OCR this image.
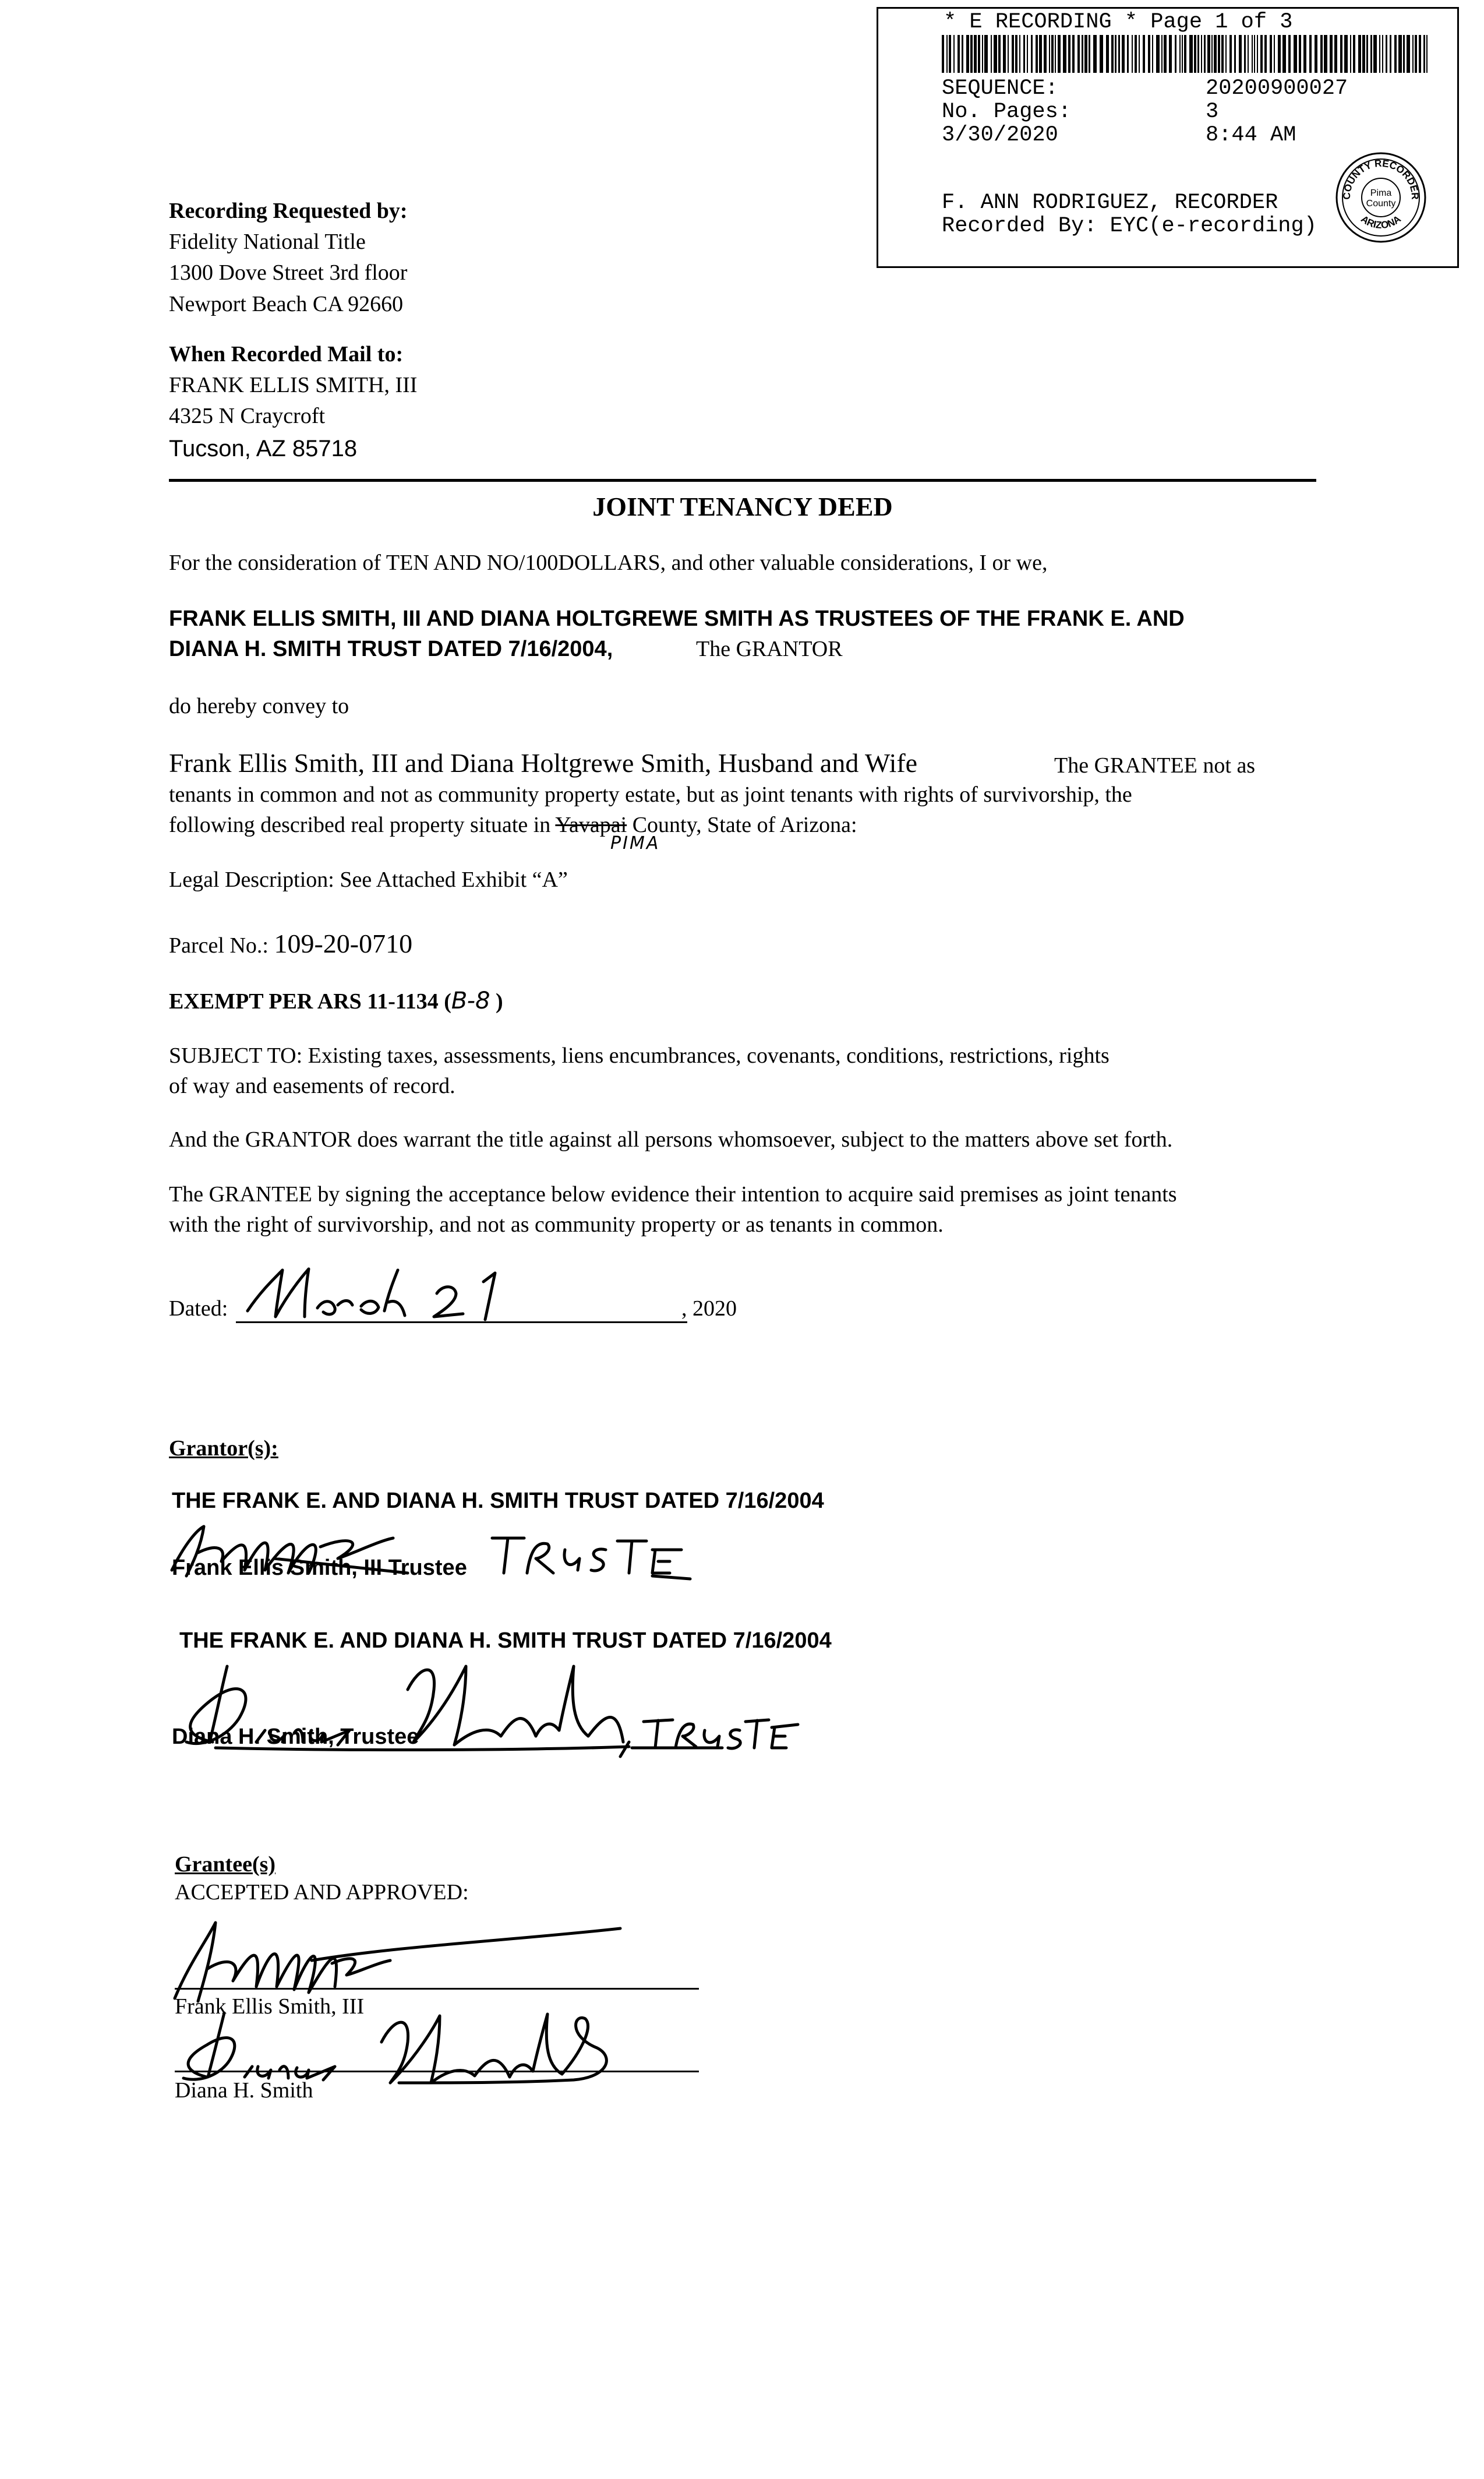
* E RECORDING * Page 1 of 3
SEQUENCE:	20200900027
No. Pages:	3
3/30/2020	8:44 AM
F. ANN RODRIGUEZ, RECORDER
Recorded By: EYC(e-recording)
COUNTY RECORDER
ARIZONA
Pima
County
Recording Requested by:
Fidelity National Title
1300 Dove Street 3rd floor
Newport Beach CA 92660
When Recorded Mail to:
FRANK ELLIS SMITH, III
4325 N Craycroft
Tucson, AZ 85718
JOINT TENANCY DEED
For the consideration of TEN AND NO/100DOLLARS, and other valuable considerations, I or we,
FRANK ELLIS SMITH, III AND DIANA HOLTGREWE SMITH AS TRUSTEES OF THE FRANK E. AND
DIANA H. SMITH TRUST DATED 7/16/2004,	The GRANTOR
do hereby convey to
Frank Ellis Smith, III and Diana Holtgrewe Smith, Husband and Wife	The GRANTEE not as
tenants in common and not as community property estate, but as joint tenants with rights of survivorship, the
following described real property situate in Yavapai County, State of Arizona:
PIMA
Legal Description: See Attached Exhibit “A”
Parcel No.: 109-20-0710
EXEMPT PER ARS 11-1134 (B-8 )
SUBJECT TO: Existing taxes, assessments, liens encumbrances, covenants, conditions, restrictions, rights
of way and easements of record.
And the GRANTOR does warrant the title against all persons whomsoever, subject to the matters above set forth.
The GRANTEE by signing the acceptance below evidence their intention to acquire said premises as joint tenants
with the right of survivorship, and not as community property or as tenants in common.
Dated:	, 2020
Grantor(s):
THE FRANK E. AND DIANA H. SMITH TRUST DATED 7/16/2004
Frank Ellis Smith, III Trustee
THE FRANK E. AND DIANA H. SMITH TRUST DATED 7/16/2004
Diana H. Smith, Trustee
Grantee(s)
ACCEPTED AND APPROVED:
Frank Ellis Smith, III
Diana H. Smith
